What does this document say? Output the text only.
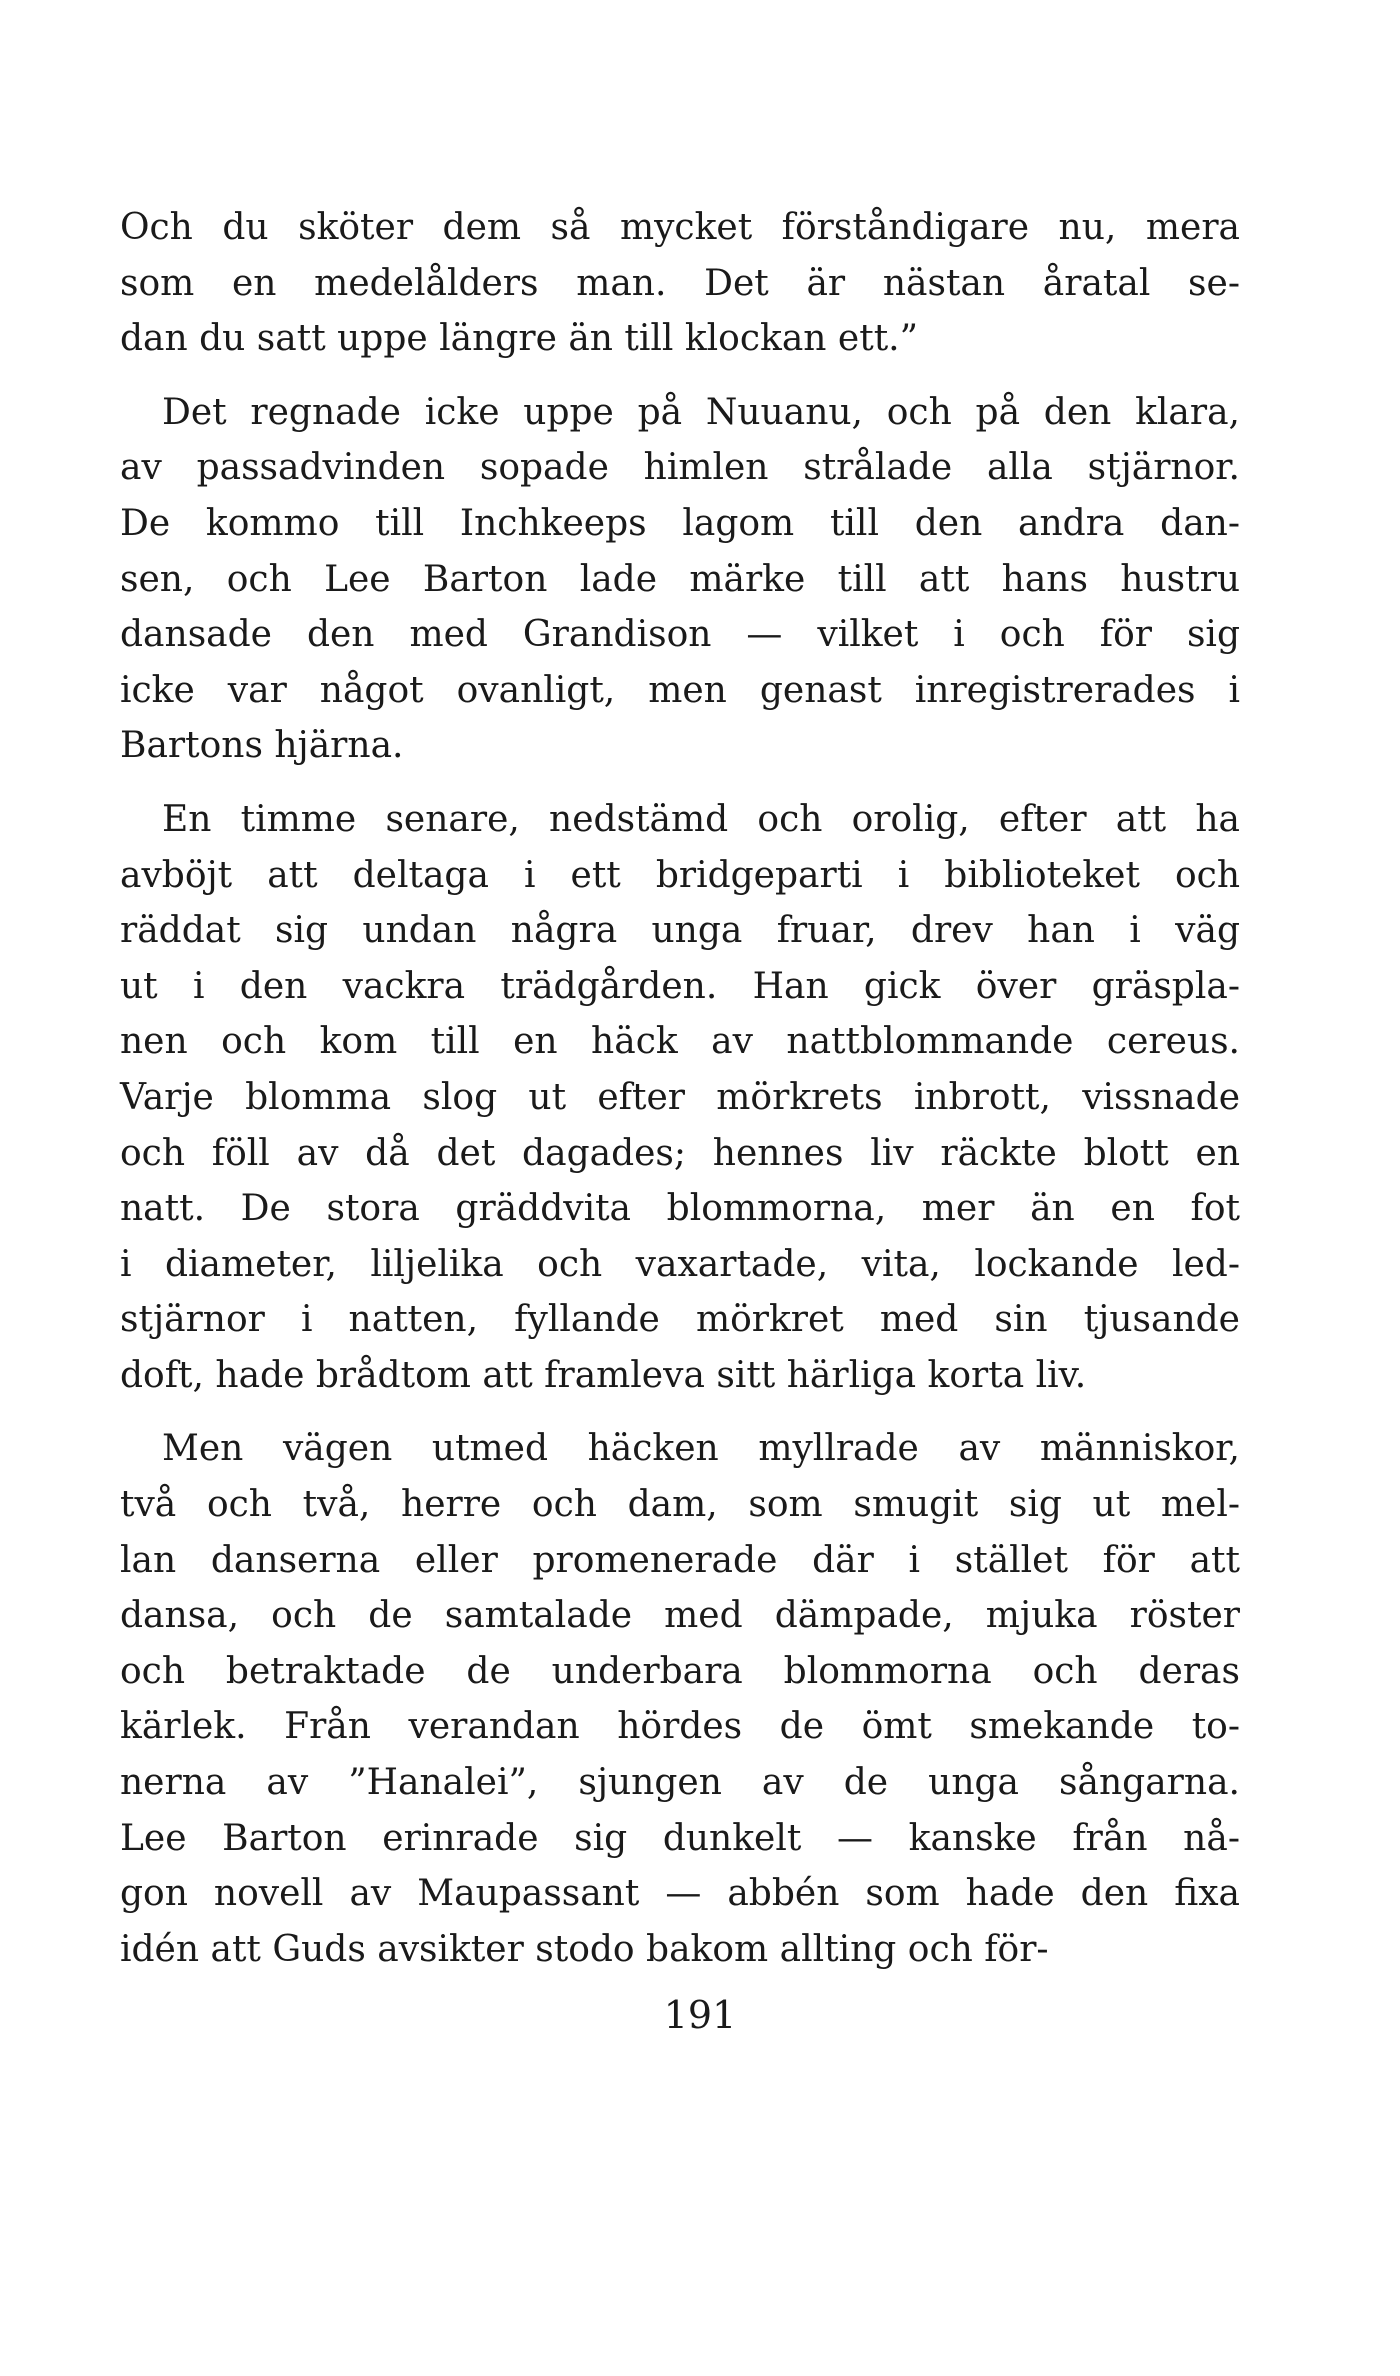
Och du sköter dem så mycket förståndigare nu, mera
som en medelålders man. Det är nästan åratal se-
dan du satt uppe längre än till klockan ett.”
Det regnade icke uppe på Nuuanu, och på den klara,
av passadvinden sopade himlen strålade alla stjärnor.
De kommo till Inchkeeps lagom till den andra dan-
sen, och Lee Barton lade märke till att hans hustru
dansade den med Grandison — vilket i och för sig
icke var något ovanligt, men genast inregistrerades i
Bartons hjärna.
En timme senare, nedstämd och orolig, efter att ha
avböjt att deltaga i ett bridgeparti i biblioteket och
räddat sig undan några unga fruar, drev han i väg
ut i den vackra trädgården. Han gick över gräspla-
nen och kom till en häck av nattblommande cereus.
Varje blomma slog ut efter mörkrets inbrott, vissnade
och föll av då det dagades; hennes liv räckte blott en
natt. De stora gräddvita blommorna, mer än en fot
i diameter, liljelika och vaxartade, vita, lockande led-
stjärnor i natten, fyllande mörkret med sin tjusande
doft, hade brådtom att framleva sitt härliga korta liv.
Men vägen utmed häcken myllrade av människor,
två och två, herre och dam, som smugit sig ut mel-
lan danserna eller promenerade där i stället för att
dansa, och de samtalade med dämpade, mjuka röster
och betraktade de underbara blommorna och deras
kärlek. Från verandan hördes de ömt smekande to-
nerna av ”Hanalei”, sjungen av de unga sångarna.
Lee Barton erinrade sig dunkelt — kanske från nå-
gon novell av Maupassant — abbén som hade den fixa
idén att Guds avsikter stodo bakom allting och för-
191
